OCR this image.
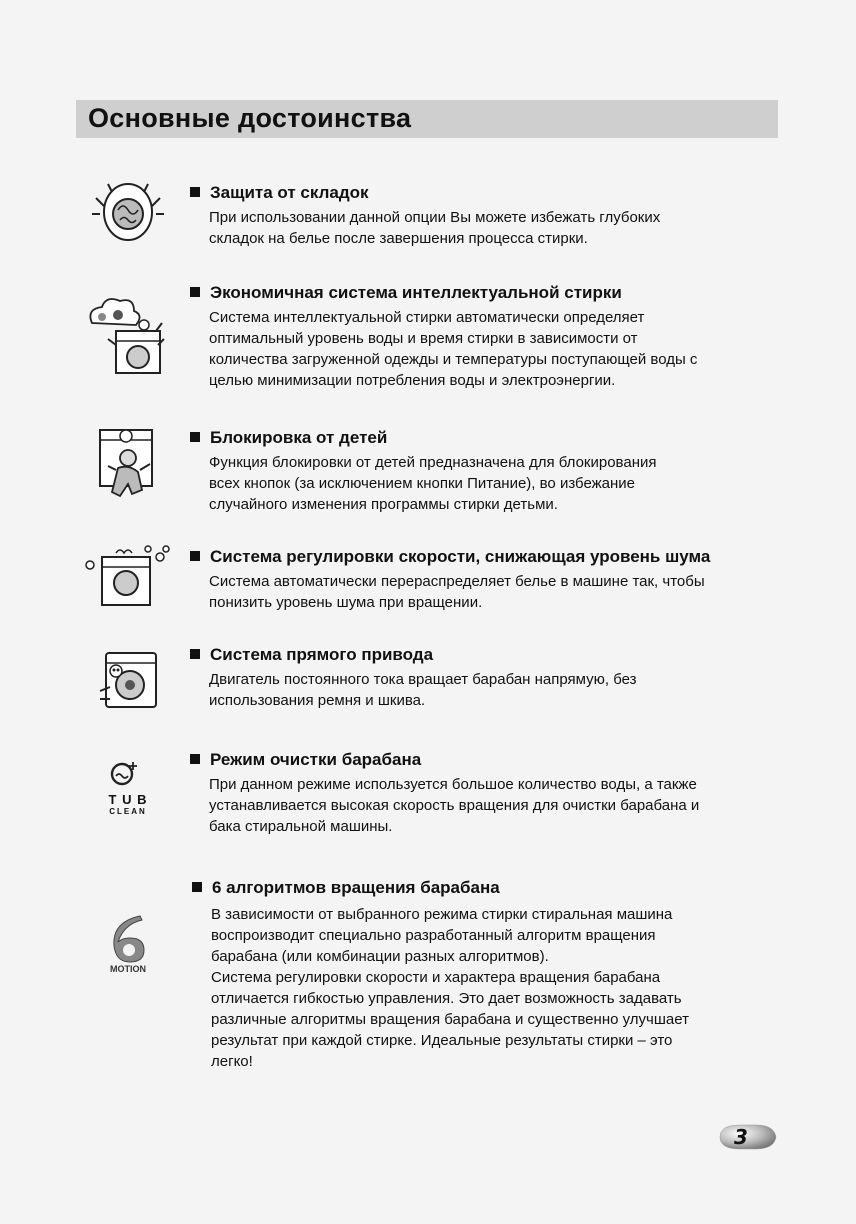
Основные достоинства
Защита от складок
При использовании данной опции Вы можете избежать глубоких
складок на белье после завершения процесса стирки.
Экономичная система интеллектуальной стирки
Система интеллектуальной стирки автоматически определяет
оптимальный уровень воды и время стирки в зависимости от
количества загруженной одежды и температуры поступающей воды с
целью минимизации потребления воды и электроэнергии.
Блокировка от детей
Функция блокировки от детей предназначена для блокирования
всех кнопок (за исключением кнопки Питание), во избежание
случайного изменения программы стирки детьми.
Система регулировки скорости, снижающая уровень шума
Система автоматически перераспределяет белье в машине так, чтобы
понизить уровень шума при вращении.
Система прямого привода
Двигатель постоянного тока вращает барабан напрямую, без
использования ремня и шкива.
T U B
CLEAN
Режим очистки барабана
При данном режиме используется большое количество воды, а также
устанавливается высокая скорость вращения для очистки барабана и
бака стиральной машины.
MOTION
6 алгоритмов вращения барабана
В зависимости от выбранного режима стирки стиральная машина
воспроизводит специально разработанный алгоритм вращения
барабана (или комбинации разных алгоритмов).
Система регулировки скорости и характера вращения барабана
отличается гибкостью управления. Это дает возможность задавать
различные алгоритмы вращения барабана и существенно улучшает
результат при каждой стирке. Идеальные результаты стирки – это
легко!
3
